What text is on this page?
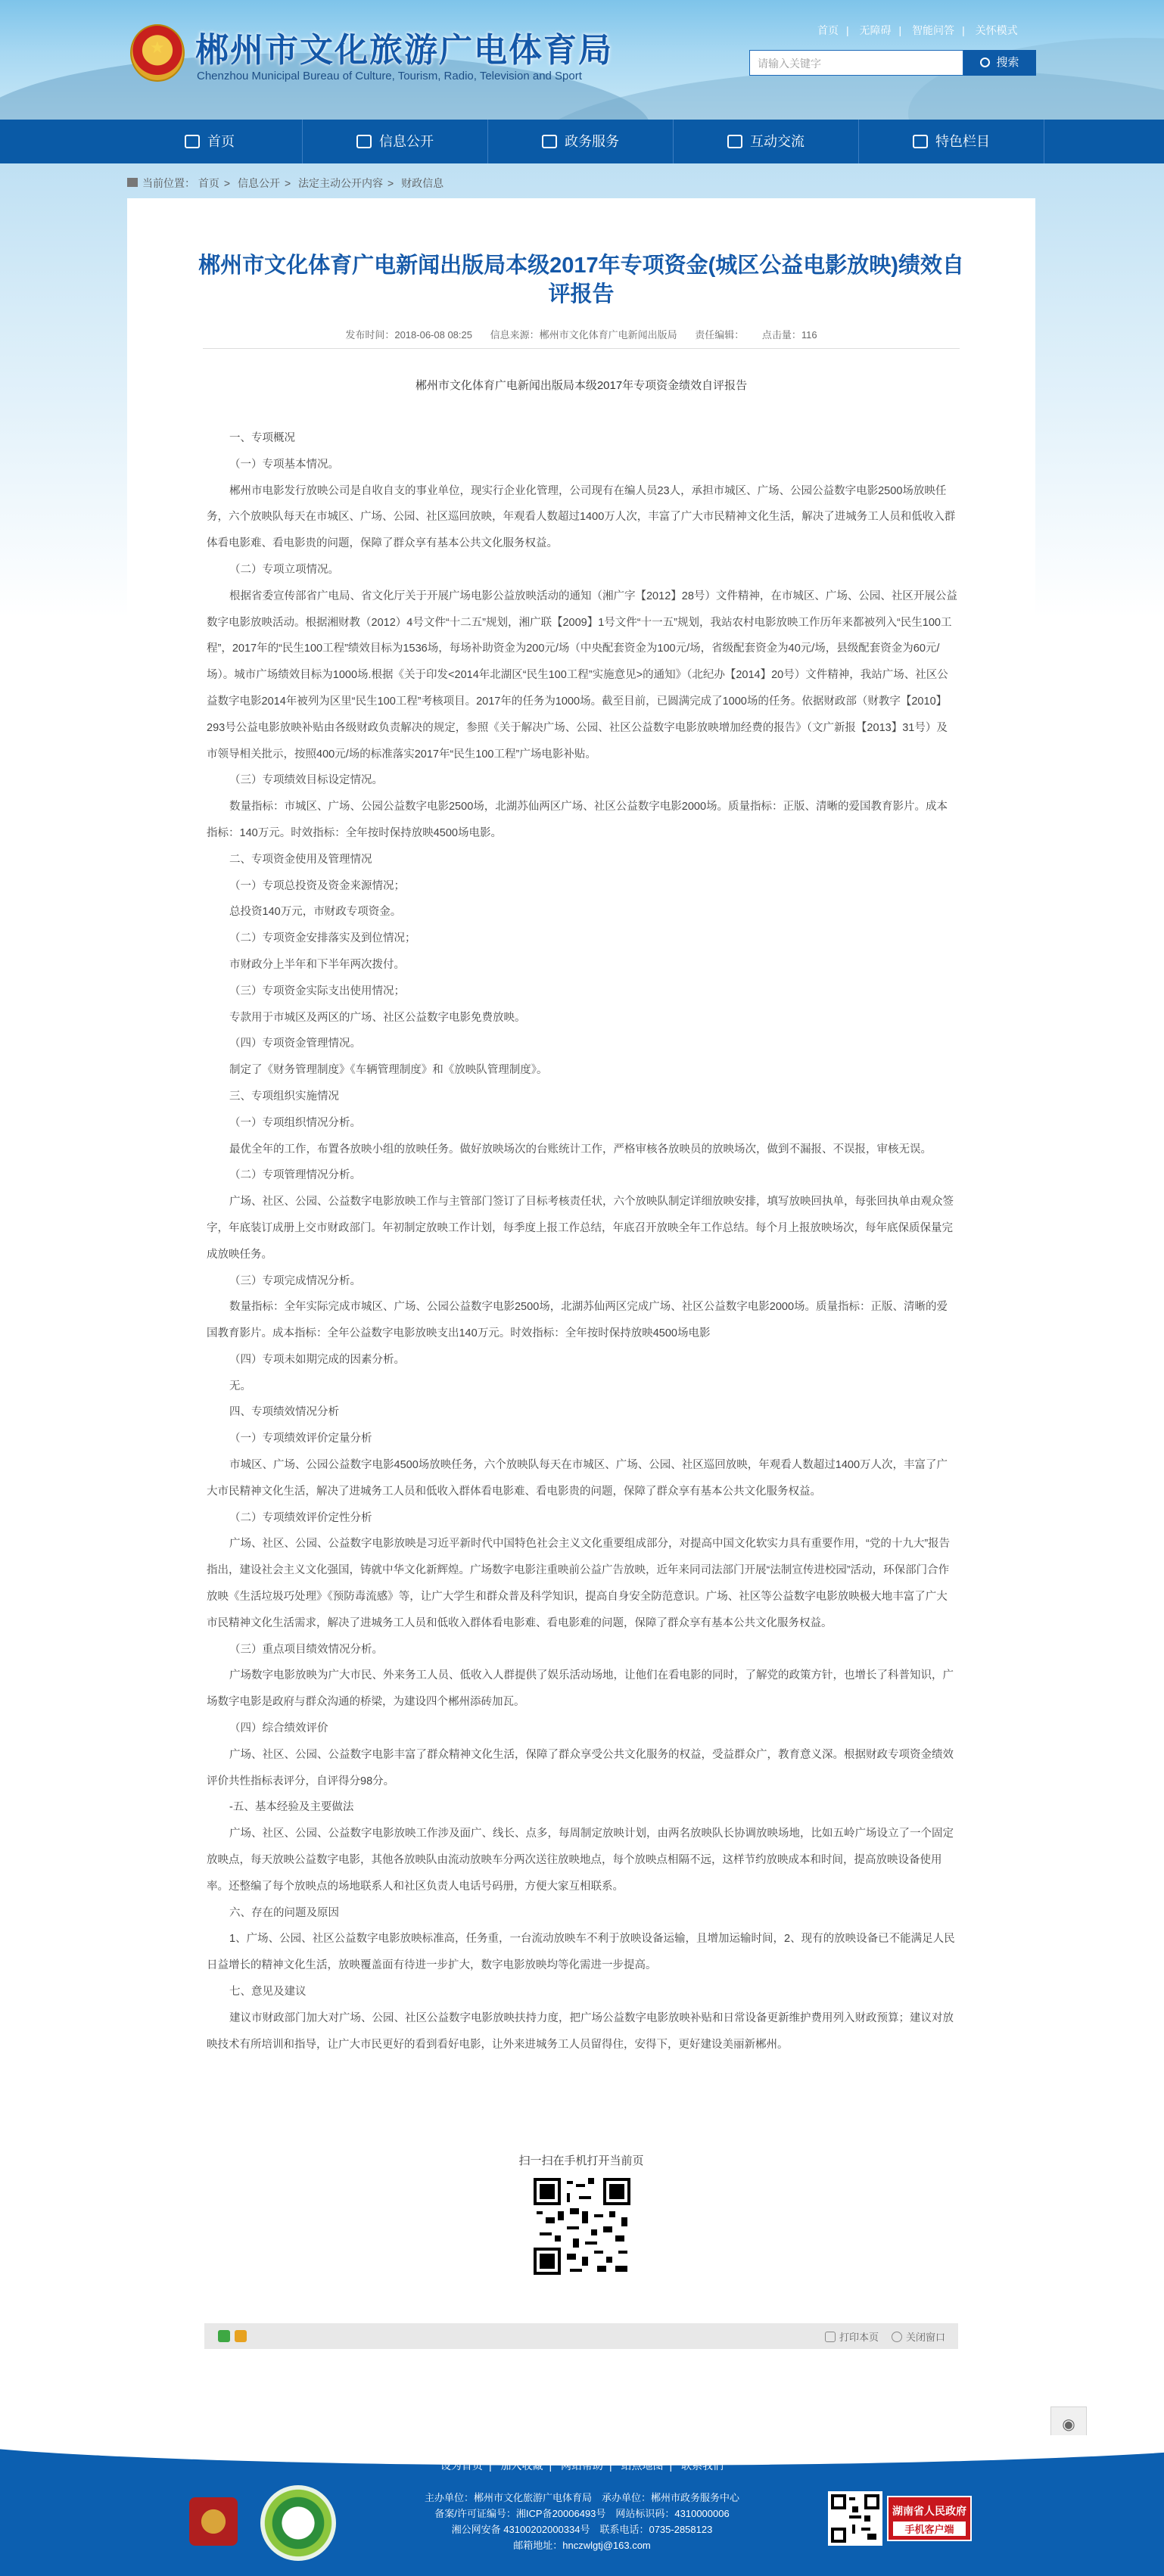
★
郴州市文化旅游广电体育局
Chenzhou Municipal Bureau of Culture, Tourism, Radio, Television and Sport
首页 | 无障碍 | 智能问答 | 关怀模式
请输入关键字	搜索
首页	信息公开	政务服务	互动交流	特色栏目
当前位置： 首页 > 信息公开 > 法定主动公开内容 > 财政信息
郴州市文化体育广电新闻出版局本级2017年专项资金(城区公益电影放映)绩效自评报告
发布时间：2018-06-08 08:25 信息来源：郴州市文化体育广电新闻出版局 责任编辑： 点击量：116
郴州市文化体育广电新闻出版局本级2017年专项资金绩效自评报告

一、专项概况

（一）专项基本情况。

郴州市电影发行放映公司是自收自支的事业单位，现实行企业化管理，公司现有在编人员23人，承担市城区、广场、公园公益数字电影2500场放映任务，六个放映队每天在市城区、广场、公园、社区巡回放映，年观看人数超过1400万人次，丰富了广大市民精神文化生活，解决了进城务工人员和低收入群体看电影难、看电影贵的问题，保障了群众享有基本公共文化服务权益。

（二）专项立项情况。

根据省委宣传部省广电局、省文化厅关于开展广场电影公益放映活动的通知（湘广字【2012】28号）文件精神，在市城区、广场、公园、社区开展公益数字电影放映活动。根据湘财教（2012）4号文件“十二五”规划，湘广联【2009】1号文件“十一五”规划，我站农村电影放映工作历年来都被列入“民生100工程”，2017年的“民生100工程”绩效目标为1536场，每场补助资金为200元/场（中央配套资金为100元/场，省级配套资金为40元/场，县级配套资金为60元/场）。城市广场绩效目标为1000场.根据《关于印发<2014年北湖区“民生100工程”实施意见>的通知》（北纪办【2014】20号）文件精神，我站广场、社区公益数字电影2014年被列为区里“民生100工程”考核项目。2017年的任务为1000场。截至目前，已圆满完成了1000场的任务。依据财政部（财教字【2010】293号公益电影放映补贴由各级财政负责解决的规定，参照《关于解决广场、公园、社区公益数字电影放映增加经费的报告》（文广新报【2013】31号）及市领导相关批示，按照400元/场的标准落实2017年“民生100工程”广场电影补贴。

（三）专项绩效目标设定情况。

数量指标：市城区、广场、公园公益数字电影2500场，北湖苏仙两区广场、社区公益数字电影2000场。质量指标：正版、清晰的爱国教育影片。成本指标：140万元。时效指标：全年按时保持放映4500场电影。

二、专项资金使用及管理情况

（一）专项总投资及资金来源情况；

总投资140万元，市财政专项资金。

（二）专项资金安排落实及到位情况；

市财政分上半年和下半年两次拨付。

（三）专项资金实际支出使用情况；

专款用于市城区及两区的广场、社区公益数字电影免费放映。

（四）专项资金管理情况。

制定了《财务管理制度》《车辆管理制度》和《放映队管理制度》。

三、专项组织实施情况

（一）专项组织情况分析。

最优全年的工作，布置各放映小组的放映任务。做好放映场次的台账统计工作，严格审核各放映员的放映场次，做到不漏报、不误报，审核无误。

（二）专项管理情况分析。

广场、社区、公园、公益数字电影放映工作与主管部门签订了目标考核责任状，六个放映队制定详细放映安排，填写放映回执单，每张回执单由观众签字，年底装订成册上交市财政部门。年初制定放映工作计划，每季度上报工作总结，年底召开放映全年工作总结。每个月上报放映场次，每年底保质保量完成放映任务。

（三）专项完成情况分析。

数量指标：全年实际完成市城区、广场、公园公益数字电影2500场，北湖苏仙两区完成广场、社区公益数字电影2000场。质量指标：正版、清晰的爱国教育影片。成本指标：全年公益数字电影放映支出140万元。时效指标：全年按时保持放映4500场电影

（四）专项未如期完成的因素分析。

无。

四、专项绩效情况分析

（一）专项绩效评价定量分析

市城区、广场、公园公益数字电影4500场放映任务，六个放映队每天在市城区、广场、公园、社区巡回放映，年观看人数超过1400万人次，丰富了广大市民精神文化生活，解决了进城务工人员和低收入群体看电影难、看电影贵的问题，保障了群众享有基本公共文化服务权益。

（二）专项绩效评价定性分析

广场、社区、公园、公益数字电影放映是习近平新时代中国特色社会主义文化重要组成部分，对提高中国文化软实力具有重要作用，“党的十九大”报告指出，建设社会主义文化强国，铸就中华文化新辉煌。广场数字电影注重映前公益广告放映，近年来同司法部门开展“法制宣传进校园”活动，环保部门合作放映《生活垃圾巧处理》《预防毒流感》等，让广大学生和群众普及科学知识，提高自身安全防范意识。广场、社区等公益数字电影放映极大地丰富了广大市民精神文化生活需求，解决了进城务工人员和低收入群体看电影难、看电影难的问题，保障了群众享有基本公共文化服务权益。

（三）重点项目绩效情况分析。

广场数字电影放映为广大市民、外来务工人员、低收入人群提供了娱乐活动场地，让他们在看电影的同时，了解党的政策方针，也增长了科普知识，广场数字电影是政府与群众沟通的桥梁，为建设四个郴州添砖加瓦。

（四）综合绩效评价

广场、社区、公园、公益数字电影丰富了群众精神文化生活，保障了群众享受公共文化服务的权益，受益群众广，教育意义深。根据财政专项资金绩效评价共性指标表评分，自评得分98分。

-五、基本经验及主要做法

广场、社区、公园、公益数字电影放映工作涉及面广、线长、点多，每周制定放映计划，由两名放映队长协调放映场地，比如五岭广场设立了一个固定放映点，每天放映公益数字电影，其他各放映队由流动放映车分两次送往放映地点，每个放映点相隔不远，这样节约放映成本和时间，提高放映设备使用率。还整编了每个放映点的场地联系人和社区负责人电话号码册，方便大家互相联系。

六、存在的问题及原因

1、广场、公园、社区公益数字电影放映标准高，任务重，一台流动放映车不利于放映设备运输，且增加运输时间，2、现有的放映设备已不能满足人民日益增长的精神文化生活，放映覆盖面有待进一步扩大，数字电影放映均等化需进一步提高。

七、意见及建议

建议市财政部门加大对广场、公园、社区公益数字电影放映扶持力度，把广场公益数字电影放映补贴和日常设备更新维护费用列入财政预算；建议对放映技术有所培训和指导，让广大市民更好的看到看好电影，让外来进城务工人员留得住，安得下，更好建设美丽新郴州。

扫一扫在手机打开当前页
打印本页	关闭窗口
◉
设为首页 | 加入收藏 | 网站帮助 | 站点地图 | 联系我们
主办单位：郴州市文化旅游广电体育局　承办单位：郴州市政务服务中心
备案/许可证编号：湘ICP备20006493号　网站标识码：4310000006
湘公网安备 43100202000334号　联系电话：0735-2858123
邮箱地址：hnczwlgtj@163.com
湖南省人民政府
手机客户端
